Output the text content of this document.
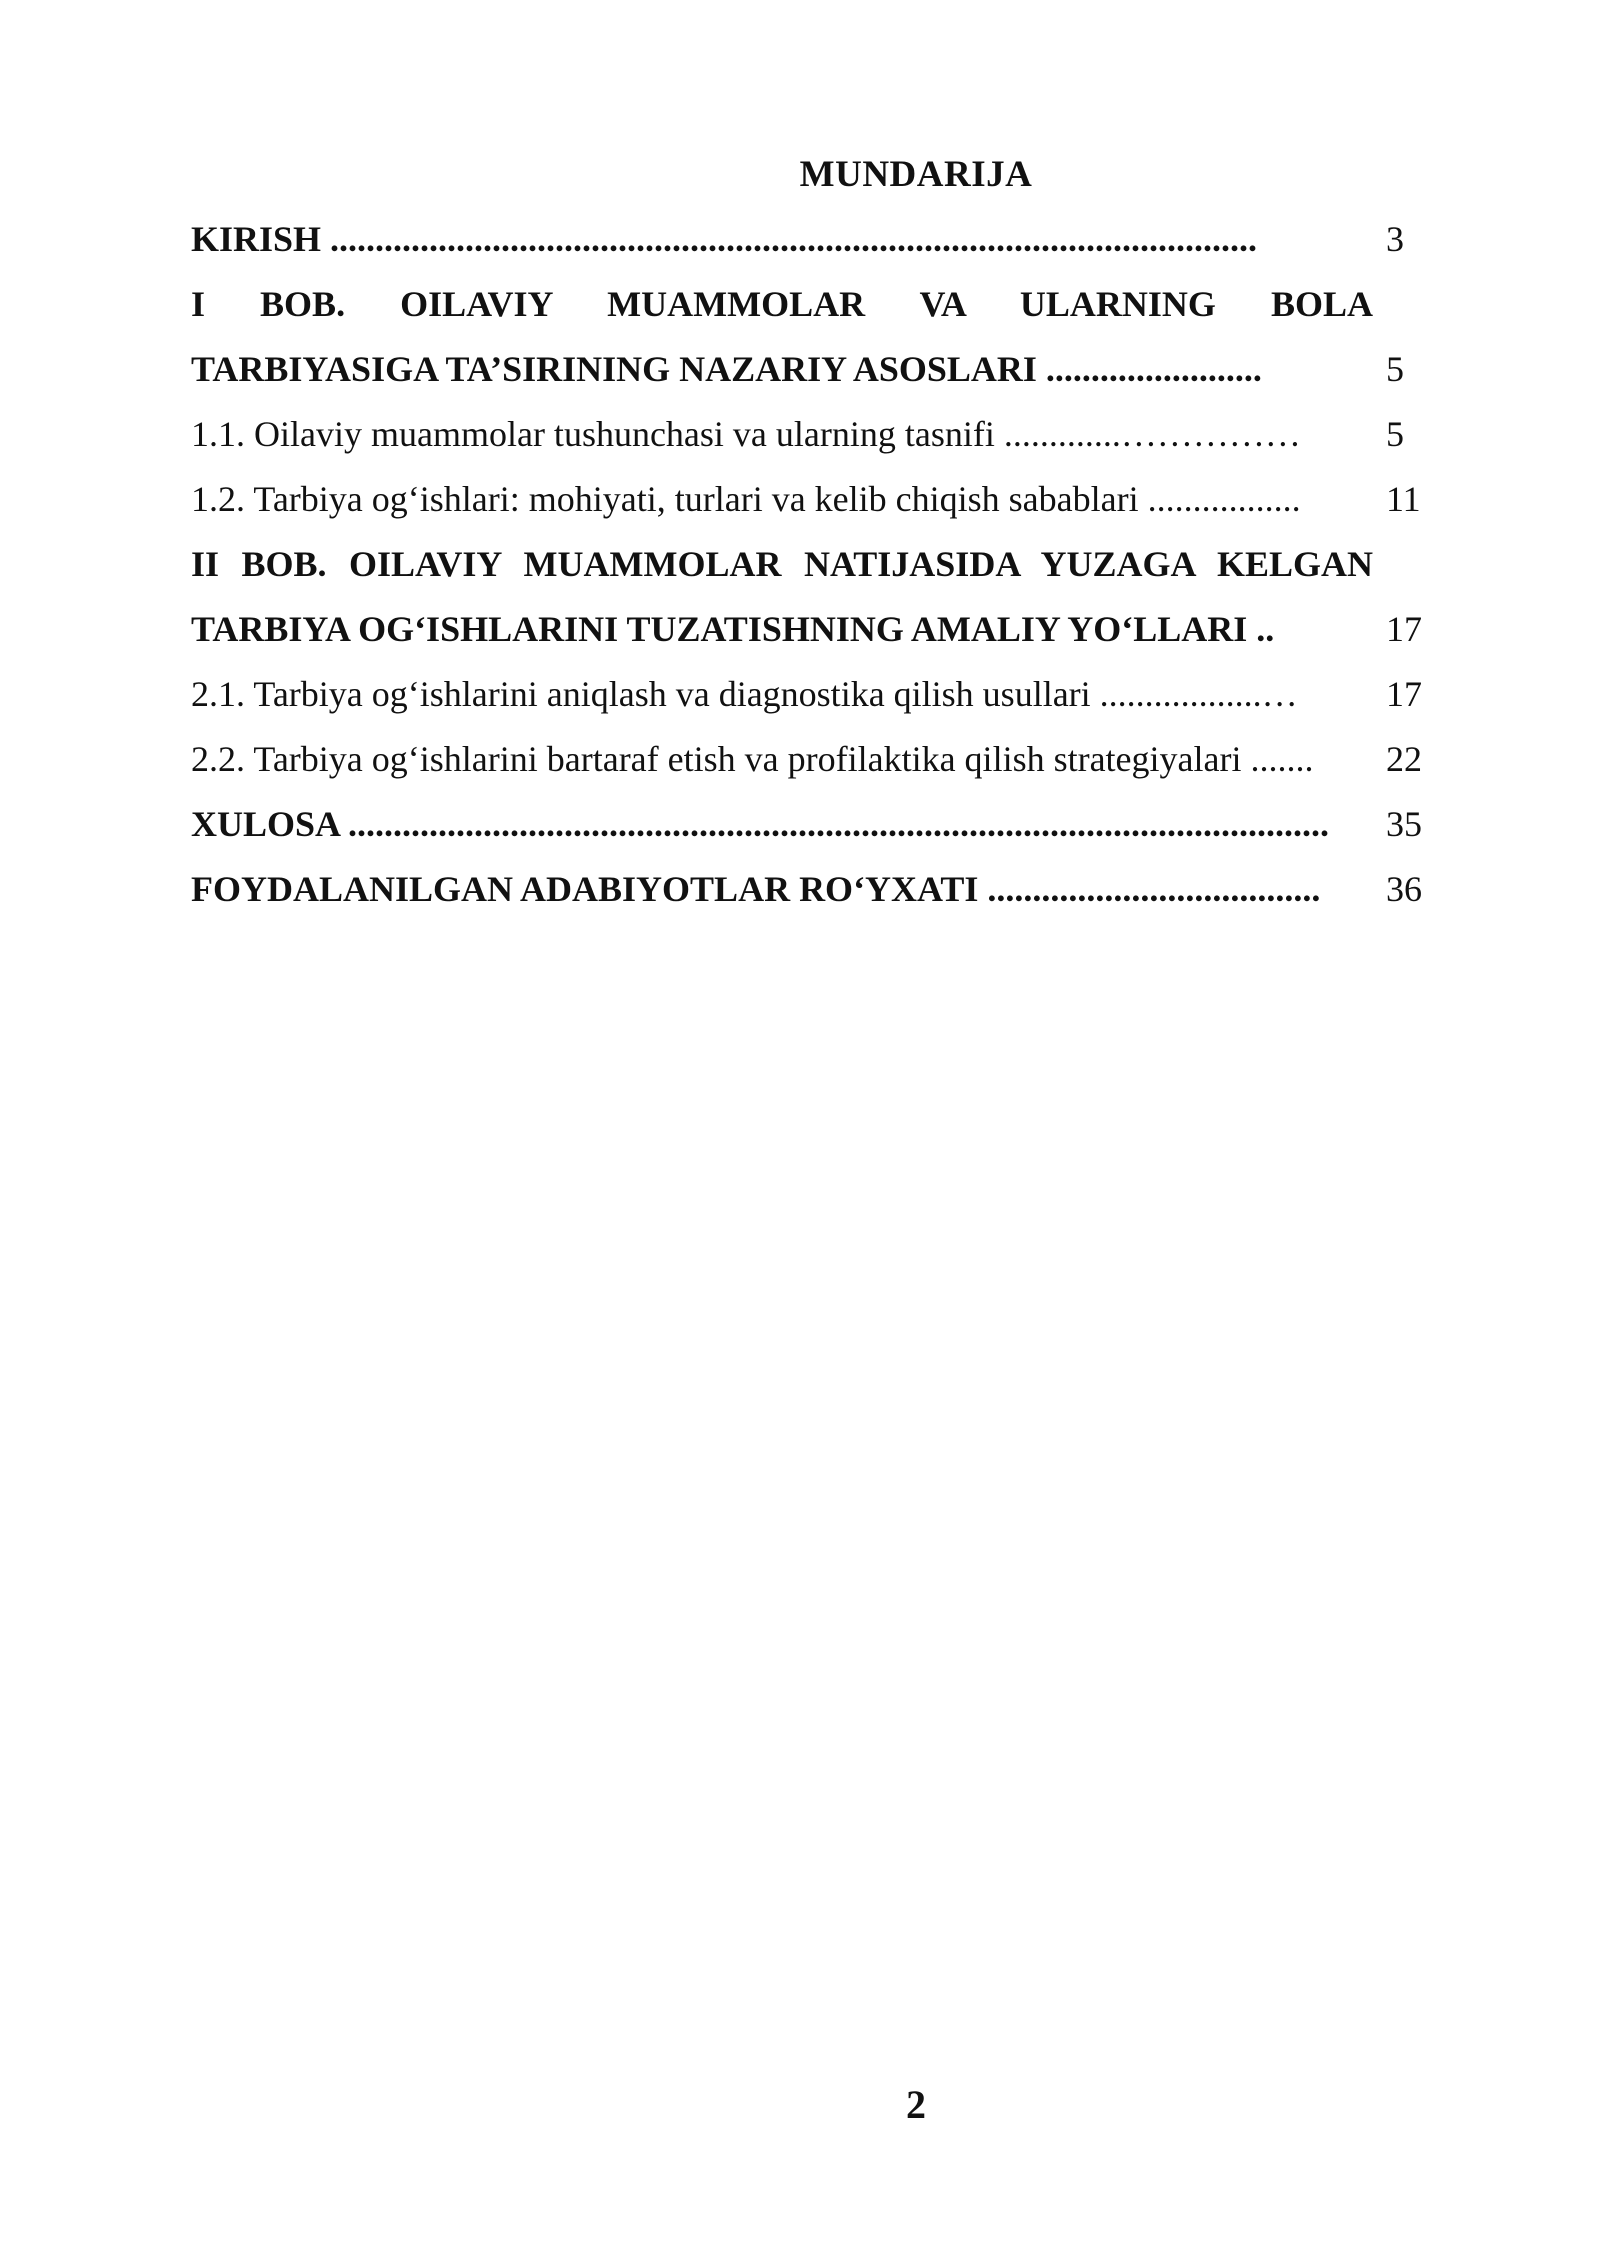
MUNDARIJA
KIRISH .......................................................................................................	3
I BOB. OILAVIY MUAMMOLAR VA ULARNING BOLA
TARBIYASIGA TA’SIRINING NAZARIY ASOSLARI ........................	5
1.1. Oilaviy muammolar tushunchasi va ularning tasnifi .............…………… 5
1.2. Tarbiya og‘ishlari: mohiyati, turlari va kelib chiqish sabablari ................. 11
II BOB. OILAVIY MUAMMOLAR NATIJASIDA YUZAGA KELGAN
TARBIYA OG‘ISHLARINI TUZATISHNING AMALIY YO‘LLARI ..	17
2.1. Tarbiya og‘ishlarini aniqlash va diagnostika qilish usullari ..................… 17
2.2. Tarbiya og‘ishlarini bartaraf etish va profilaktika qilish strategiyalari ....... 22
XULOSA ............................................................................................................. 35
FOYDALANILGAN ADABIYOTLAR RO‘YXATI ..................................... 36
2
